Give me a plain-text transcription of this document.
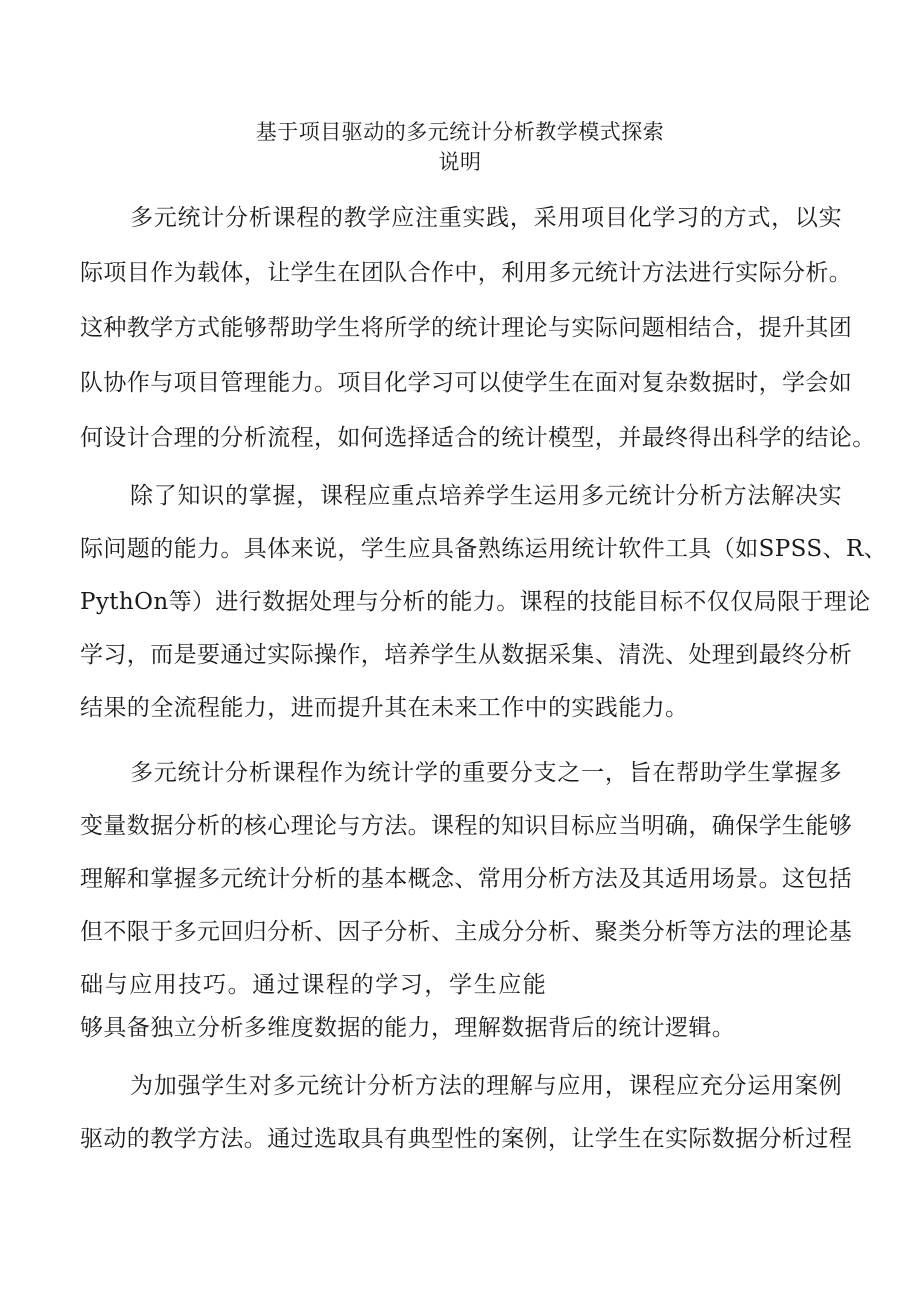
基于项目驱动的多元统计分析教学模式探索
说明
多元统计分析课程的教学应注重实践，采用项目化学习的方式，以实
际项目作为载体，让学生在团队合作中，利用多元统计方法进行实际分析。
这种教学方式能够帮助学生将所学的统计理论与实际问题相结合，提升其团
队协作与项目管理能力。项目化学习可以使学生在面对复杂数据时，学会如
何设计合理的分析流程，如何选择适合的统计模型，并最终得出科学的结论。
除了知识的掌握，课程应重点培养学生运用多元统计分析方法解决实
际问题的能力。具体来说，学生应具备熟练运用统计软件工具（如SPSS、R、
PythOn等）进行数据处理与分析的能力。课程的技能目标不仅仅局限于理论
学习，而是要通过实际操作，培养学生从数据采集、清洗、处理到最终分析
结果的全流程能力，进而提升其在未来工作中的实践能力。
多元统计分析课程作为统计学的重要分支之一，旨在帮助学生掌握多
变量数据分析的核心理论与方法。课程的知识目标应当明确，确保学生能够
理解和掌握多元统计分析的基本概念、常用分析方法及其适用场景。这包括
但不限于多元回归分析、因子分析、主成分分析、聚类分析等方法的理论基
础与应用技巧。通过课程的学习，学生应能
够具备独立分析多维度数据的能力，理解数据背后的统计逻辑。
为加强学生对多元统计分析方法的理解与应用，课程应充分运用案例
驱动的教学方法。通过选取具有典型性的案例，让学生在实际数据分析过程
